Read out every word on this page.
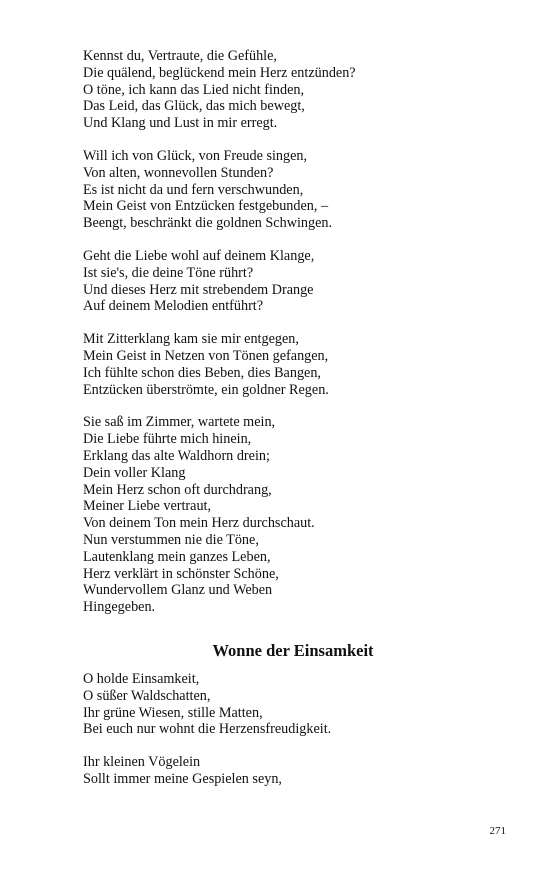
Kennst du, Vertraute, die Gefühle,
Die quälend, beglückend mein Herz entzünden?
O töne, ich kann das Lied nicht finden,
Das Leid, das Glück, das mich bewegt,
Und Klang und Lust in mir erregt.
Will ich von Glück, von Freude singen,
Von alten, wonnevollen Stunden?
Es ist nicht da und fern verschwunden,
Mein Geist von Entzücken festgebunden, –
Beengt, beschränkt die goldnen Schwingen.
Geht die Liebe wohl auf deinem Klange,
Ist sie's, die deine Töne rührt?
Und dieses Herz mit strebendem Drange
Auf deinem Melodien entführt?
Mit Zitterklang kam sie mir entgegen,
Mein Geist in Netzen von Tönen gefangen,
Ich fühlte schon dies Beben, dies Bangen,
Entzücken überströmte, ein goldner Regen.
Sie saß im Zimmer, wartete mein,
Die Liebe führte mich hinein,
Erklang das alte Waldhorn drein;
Dein voller Klang
Mein Herz schon oft durchdrang,
Meiner Liebe vertraut,
Von deinem Ton mein Herz durchschaut.
Nun verstummen nie die Töne,
Lautenklang mein ganzes Leben,
Herz verklärt in schönster Schöne,
Wundervollem Glanz und Weben
Hingegeben.
Wonne der Einsamkeit
O holde Einsamkeit,
O süßer Waldschatten,
Ihr grüne Wiesen, stille Matten,
Bei euch nur wohnt die Herzensfreudigkeit.
Ihr kleinen Vögelein
Sollt immer meine Gespielen seyn,
271
